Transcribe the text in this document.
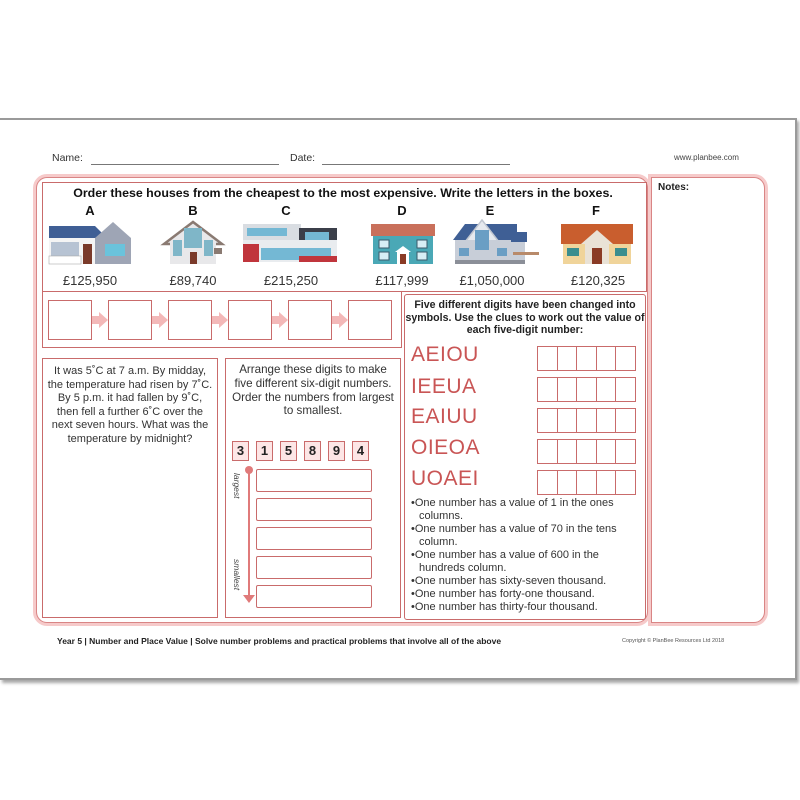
Name:	Date:	www.planbee.com
Notes:
Order these houses from the cheapest to the most expensive. Write the letters in the boxes.
A	B	C	D	E	F
£125,950	£89,740	£215,250	£117,999	£1,050,000	£120,325
It was 5˚C at 7 a.m. By midday, the temperature had risen by 7˚C. By 5 p.m. it had fallen by 9˚C, then fell a further 6˚C over the next seven hours. What was the temperature by midnight?
Arrange these digits to make five different six-digit numbers. Order the numbers from largest to smallest.
3	1	5	8	9	4
largest
smallest
Five different digits have been changed into symbols. Use the clues to work out the value of each five-digit number:
AEIOU
IEEUA
EAIUU
OIEOA
UOAEI
•One number has a value of 1 in the ones columns.
•One number has a value of 70 in the tens column.
•One number has a value of 600 in the hundreds column.
•One number has sixty-seven thousand.
•One number has forty-one thousand.
•One number has thirty-four thousand.
Year 5 | Number and Place Value | Solve number problems and practical problems that involve all of the above	Copyright © PlanBee Resources Ltd 2018
